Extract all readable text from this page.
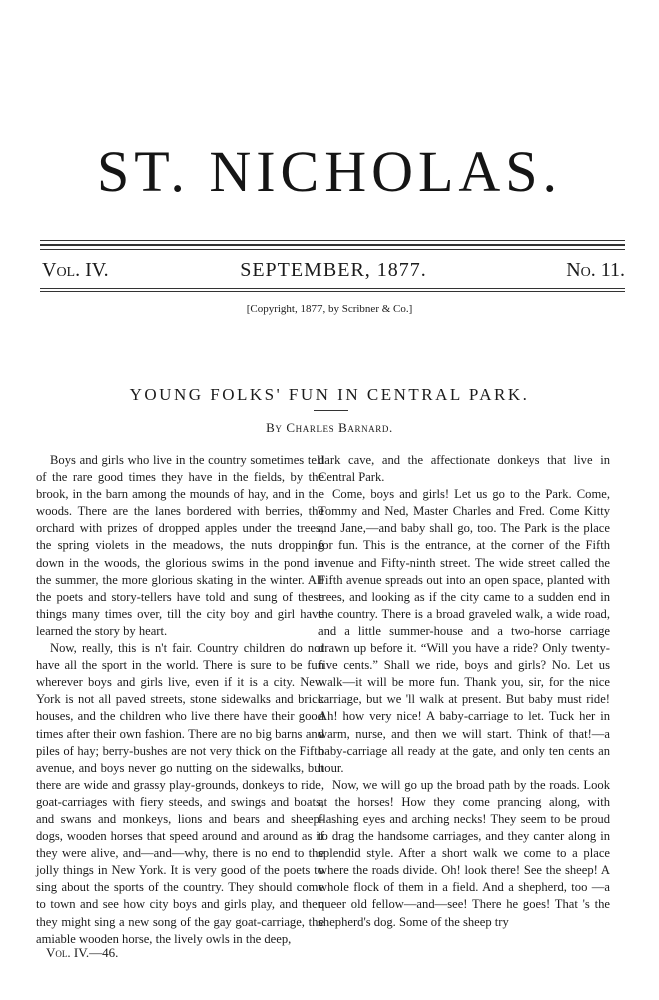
ST. NICHOLAS.
SEPTEMBER, 1877.
Vol. IV.	No. 11.
[Copyright, 1877, by Scribner & Co.]
YOUNG FOLKS' FUN IN CENTRAL PARK.
By Charles Barnard.

Boys and girls who live in the country sometimes tell of the rare good times they have in the fields, by the brook, in the barn among the mounds of hay, and in the woods. There are the lanes bordered with berries, the orchard with prizes of dropped apples under the trees, the spring violets in the meadows, the nuts dropping down in the woods, the glorious swims in the pond in the summer, the more glorious skating in the winter. All the poets and story-tellers have told and sung of these things many times over, till the city boy and girl have learned the story by heart.

Now, really, this is n't fair. Country children do not have all the sport in the world. There is sure to be fun wherever boys and girls live, even if it is a city. New York is not all paved streets, stone sidewalks and brick houses, and the children who live there have their good times after their own fashion. There are no big barns and piles of hay; berry-bushes are not very thick on the Fifth avenue, and boys never go nutting on the sidewalks, but there are wide and grassy play-grounds, donkeys to ride, goat-carriages with fiery steeds, and swings and boats, and swans and monkeys, lions and bears and sheep-dogs, wooden horses that speed around and around as if they were alive, and—and—why, there is no end to the jolly things in New York. It is very good of the poets to sing about the sports of the country. They should come to town and see how city boys and girls play, and then they might sing a new song of the gay goat-carriage, the amiable wooden horse, the lively owls in the deep,

dark cave, and the affectionate donkeys that live in Central Park.

Come, boys and girls! Let us go to the Park. Come, Tommy and Ned, Master Charles and Fred. Come Kitty and Jane,—and baby shall go, too. The Park is the place for fun. This is the entrance, at the corner of the Fifth avenue and Fifty-ninth street. The wide street called the Fifth avenue spreads out into an open space, planted with trees, and looking as if the city came to a sudden end in the country. There is a broad graveled walk, a wide road, and a little summer-house and a two-horse carriage drawn up before it. “Will you have a ride? Only twenty-five cents.” Shall we ride, boys and girls? No. Let us walk—it will be more fun. Thank you, sir, for the nice carriage, but we 'll walk at present. But baby must ride! Ah! how very nice! A baby-carriage to let. Tuck her in warm, nurse, and then we will start. Think of that!—a baby-carriage all ready at the gate, and only ten cents an hour.

Now, we will go up the broad path by the roads. Look at the horses! How they come prancing along, with flashing eyes and arching necks! They seem to be proud to drag the handsome carriages, and they canter along in splendid style. After a short walk we come to a place where the roads divide. Oh! look there! See the sheep! A whole flock of them in a field. And a shepherd, too —a queer old fellow—and—see! There he goes! That 's the shepherd's dog. Some of the sheep try

Vol. IV.—46.
